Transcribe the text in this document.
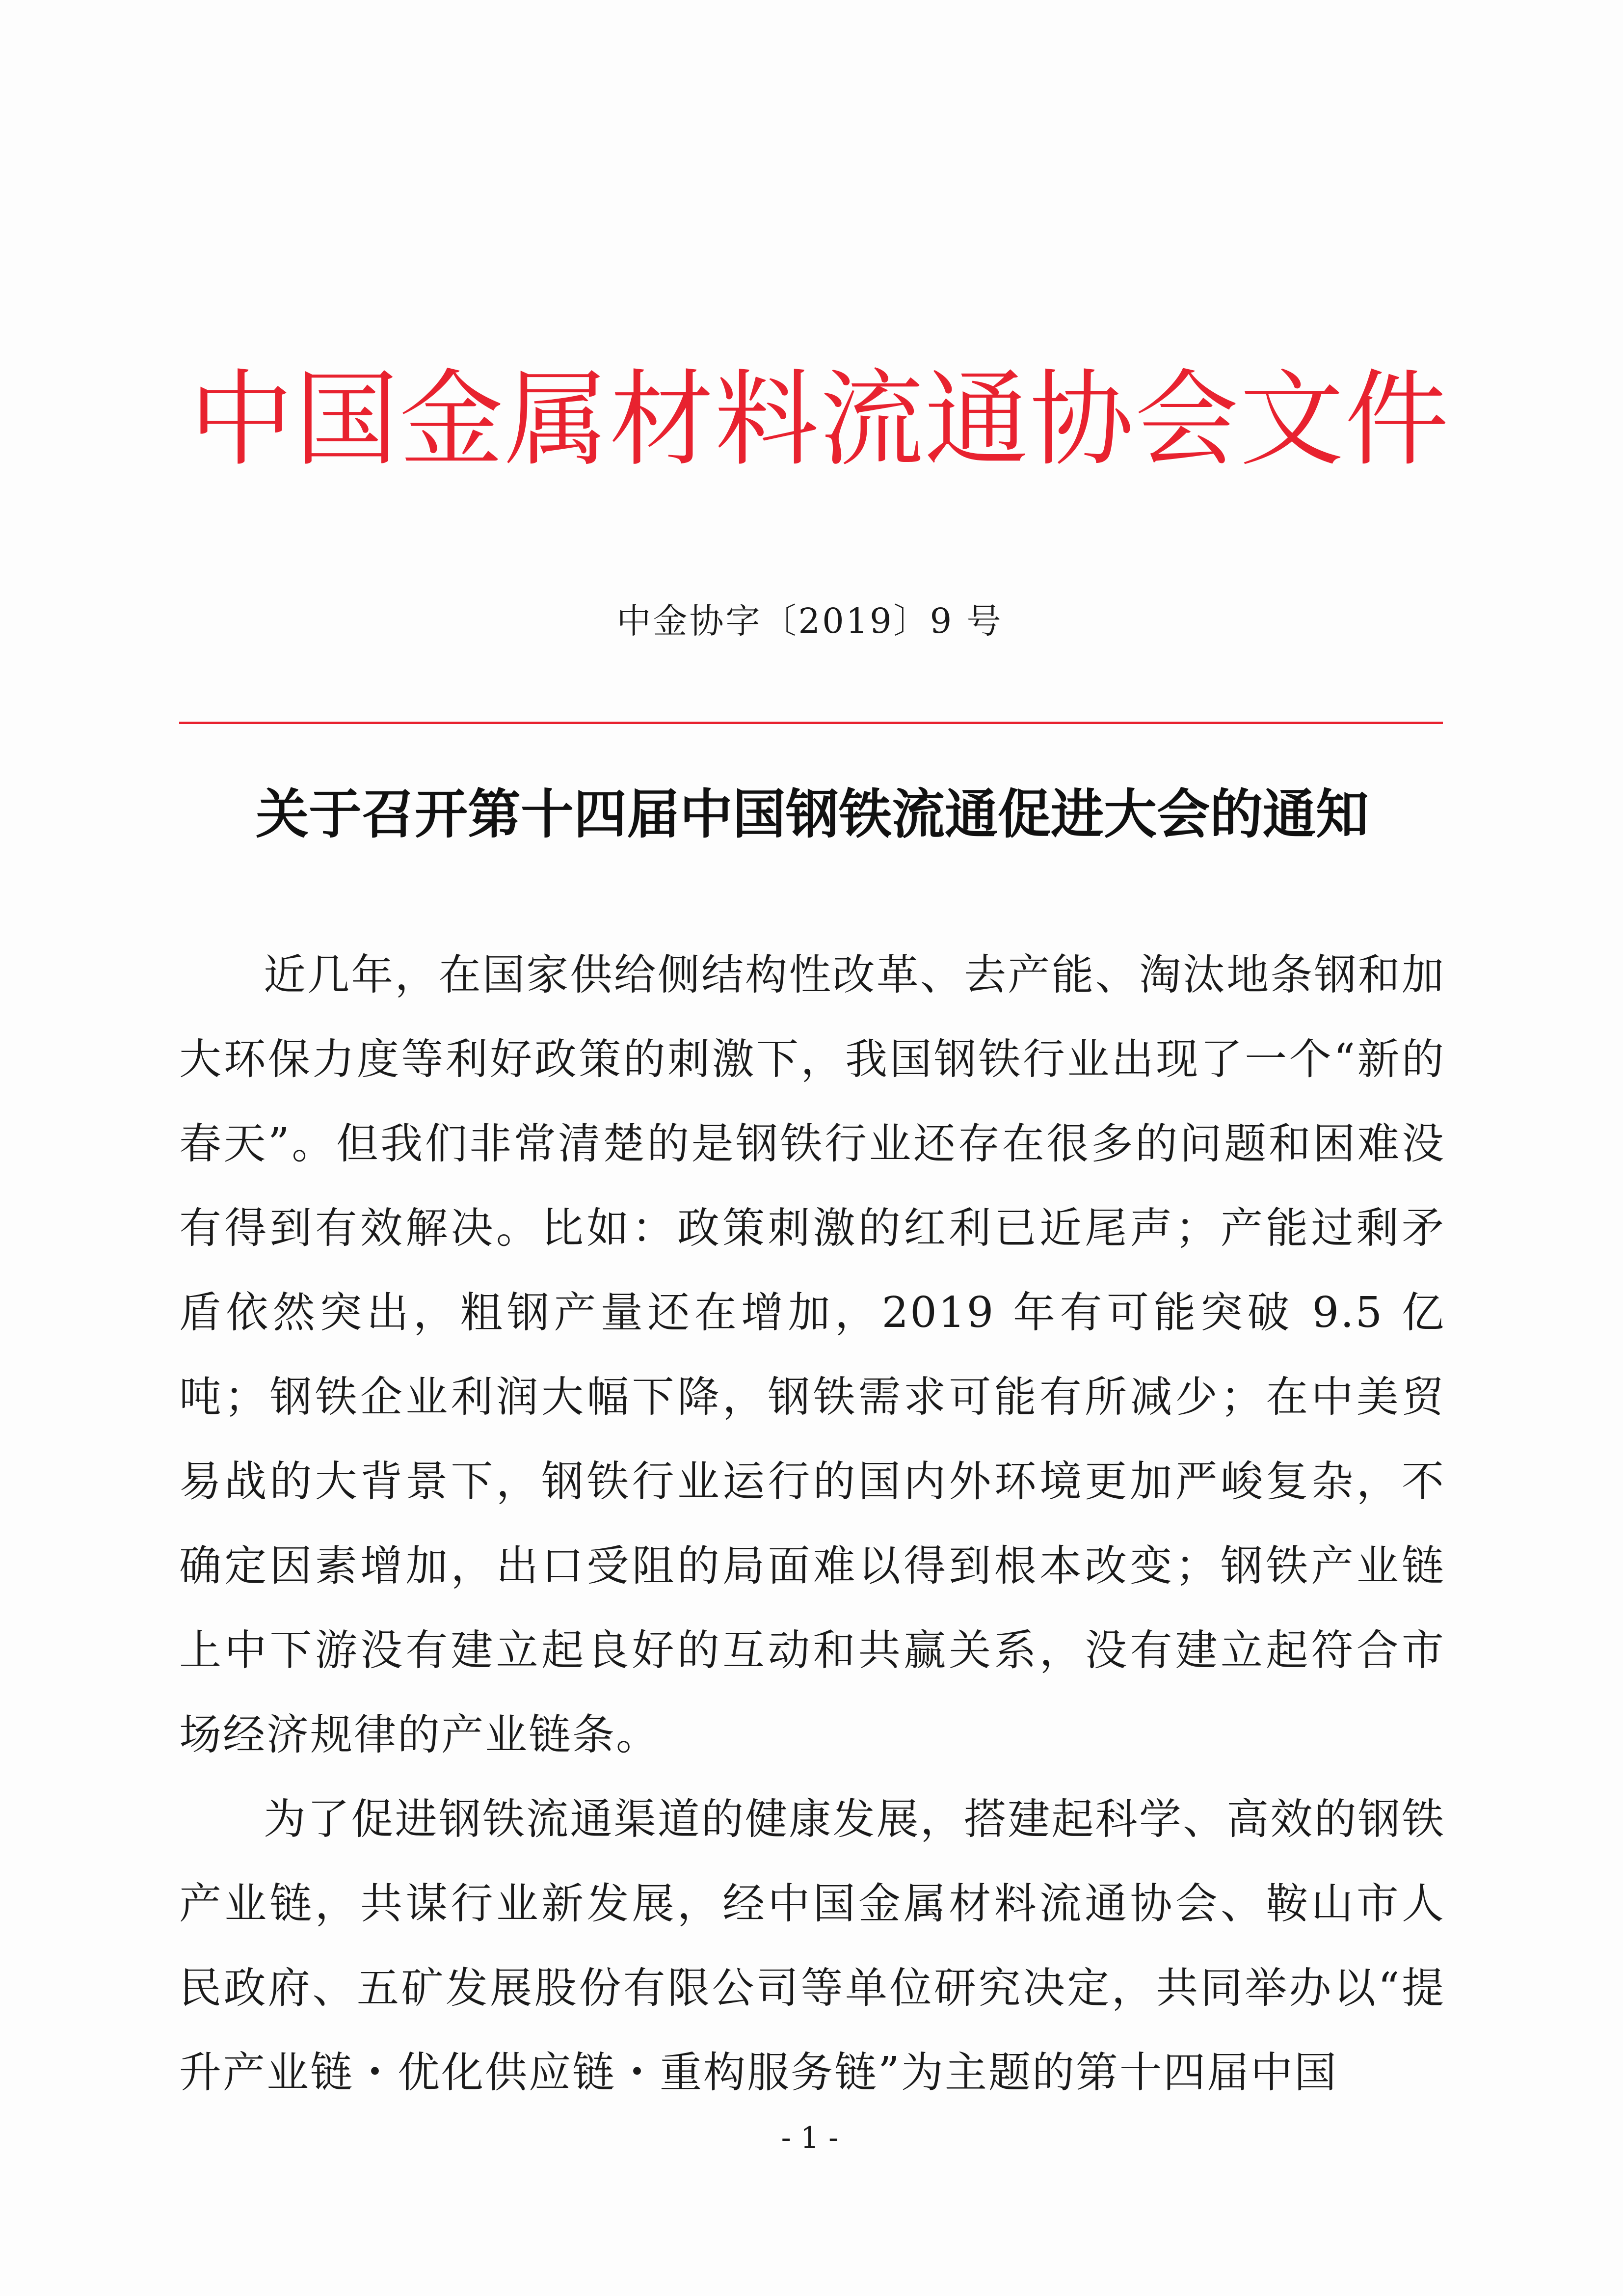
中国金属材料流通协会文件
中金协字〔2019〕9 号
关于召开第十四届中国钢铁流通促进大会的通知

近几年，在国家供给侧结构性改革、去产能、淘汰地条钢和加大环保力度等利好政策的刺激下，我国钢铁行业出现了一个“新的春天”。但我们非常清楚的是钢铁行业还存在很多的问题和困难没有得到有效解决。比如：政策刺激的红利已近尾声；产能过剩矛盾依然突出，粗钢产量还在增加，2019 年有可能突破 9.5 亿吨；钢铁企业利润大幅下降，钢铁需求可能有所减少；在中美贸易战的大背景下，钢铁行业运行的国内外环境更加严峻复杂，不确定因素增加，出口受阻的局面难以得到根本改变；钢铁产业链上中下游没有建立起良好的互动和共赢关系，没有建立起符合市场经济规律的产业链条。

为了促进钢铁流通渠道的健康发展，搭建起科学、高效的钢铁产业链，共谋行业新发展，经中国金属材料流通协会、鞍山市人民政府、五矿发展股份有限公司等单位研究决定，共同举办以“提升产业链・优化供应链・重构服务链”为主题的第十四届中国

- 1 -
